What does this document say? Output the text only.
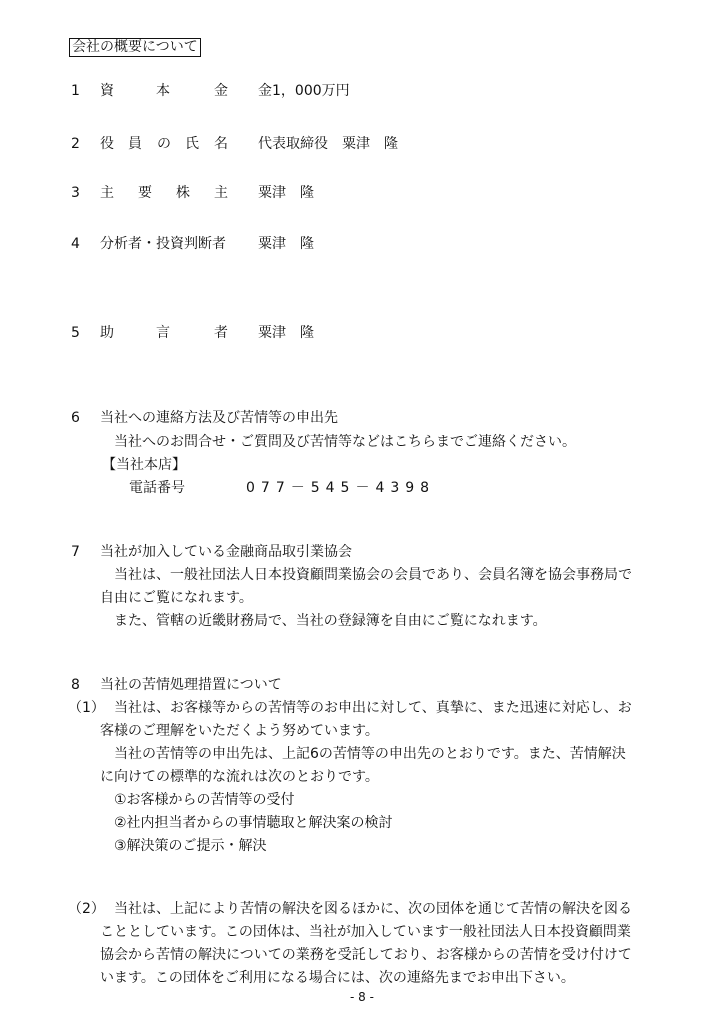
会社の概要について
1 資	本	金 金1，000万円
2 役 員 の 氏 名 代表取締役　粟津　隆
3 主 要 株 主 粟津　隆
4 分析者・投資判断者 粟津　隆
5 助	言	者 粟津　隆
6 当社への連絡方法及び苦情等の申出先
当社へのお問合せ・ご質問及び苦情等などはこちらまでご連絡ください。
【当社本店】
電話番号	077－545－4398
7 当社が加入している金融商品取引業協会
当社は、一般社団法人日本投資顧問業協会の会員であり、会員名簿を協会事務局で
自由にご覧になれます。
また、管轄の近畿財務局で、当社の登録簿を自由にご覧になれます。
8 当社の苦情処理措置について
（1） 当社は、お客様等からの苦情等のお申出に対して、真摯に、また迅速に対応し、お
客様のご理解をいただくよう努めています。
当社の苦情等の申出先は、上記6の苦情等の申出先のとおりです。また、苦情解決
に向けての標準的な流れは次のとおりです。
①お客様からの苦情等の受付
②社内担当者からの事情聴取と解決案の検討
③解決策のご提示・解決
（2） 当社は、上記により苦情の解決を図るほかに、次の団体を通じて苦情の解決を図る
こととしています。この団体は、当社が加入しています一般社団法人日本投資顧問業
協会から苦情の解決についての業務を受託しており、お客様からの苦情を受け付けて
います。この団体をご利用になる場合には、次の連絡先までお申出下さい。
- 8 -
